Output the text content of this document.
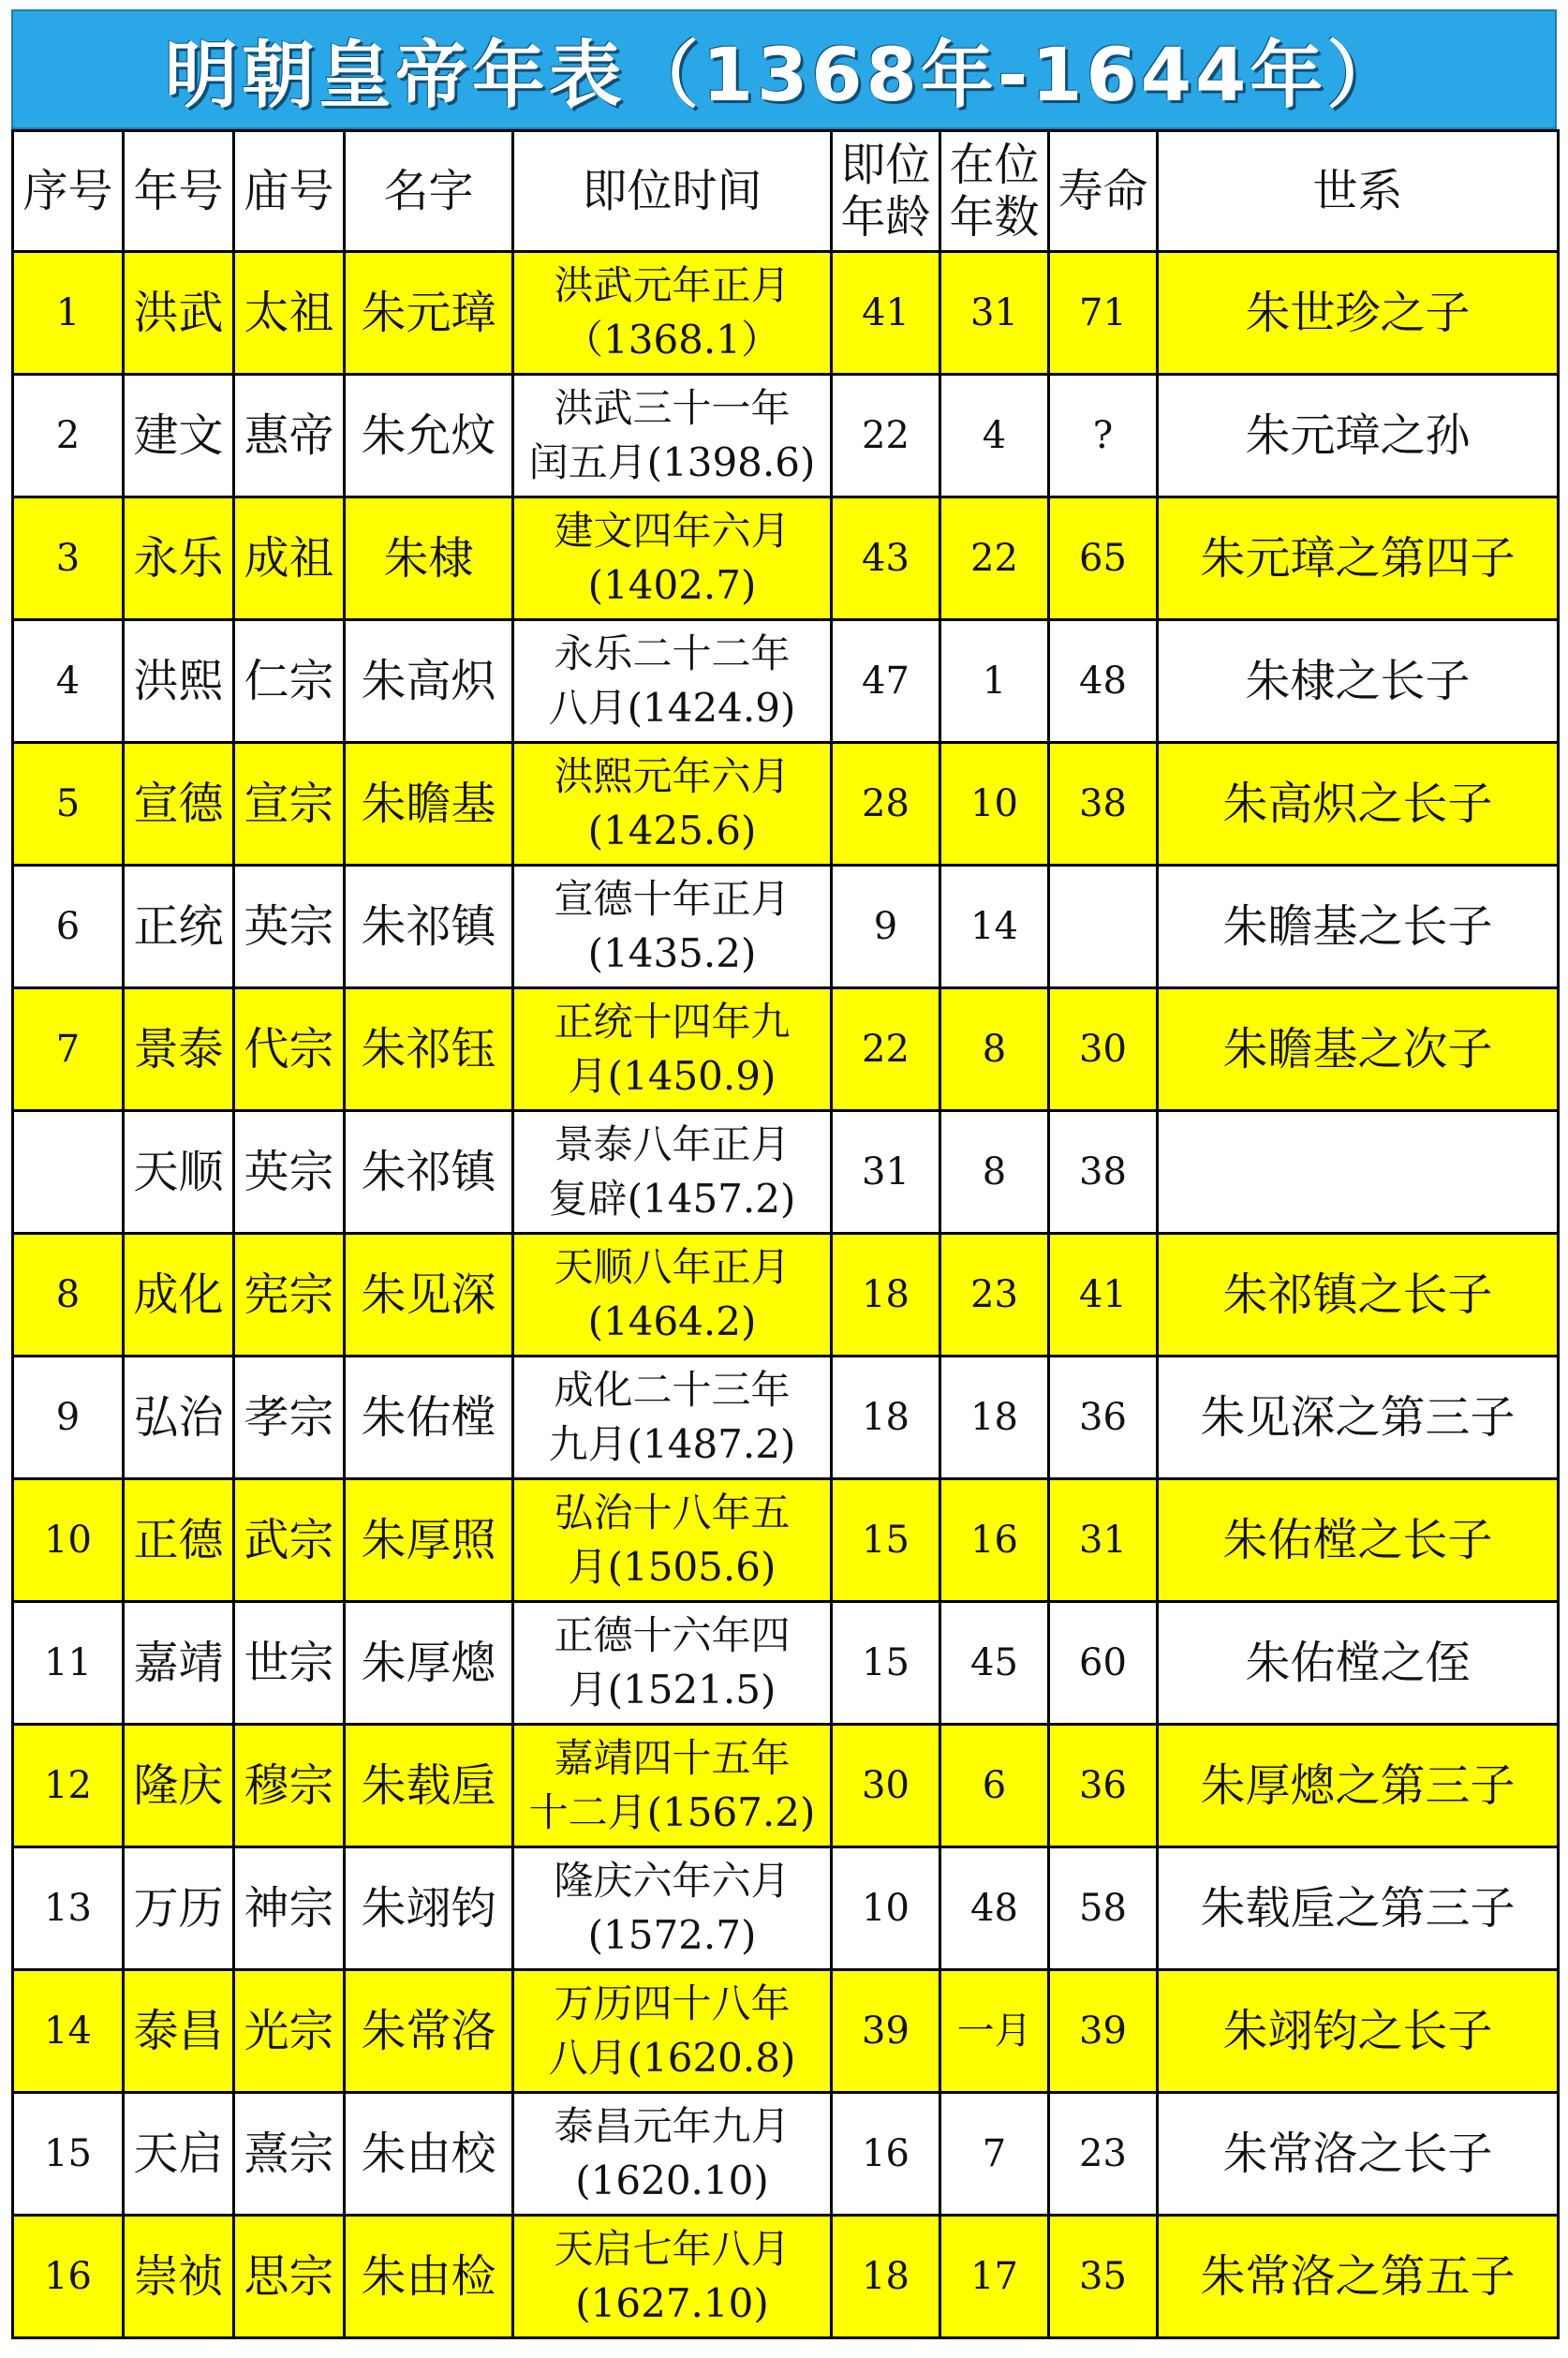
明朝皇帝年表（1368年-1644年）
序号	年号	庙号	名字	即位时间	即位年龄	在位年数	寿命	世系
1	洪武	太祖	朱元璋	洪武元年正月
（1368.1）	41	31	71	朱世珍之子
2	建文	惠帝	朱允炆	洪武三十一年
闰五月(1398.6)	22	4	?	朱元璋之孙
3	永乐	成祖	朱棣	建文四年六月
(1402.7)	43	22	65	朱元璋之第四子
4	洪熙	仁宗	朱高炽	永乐二十二年
八月(1424.9)	47	1	48	朱棣之长子
5	宣德	宣宗	朱瞻基	洪熙元年六月
(1425.6)	28	10	38	朱高炽之长子
6	正统	英宗	朱祁镇	宣德十年正月
(1435.2)	9	14		朱瞻基之长子
7	景泰	代宗	朱祁钰	正统十四年九
月(1450.9)	22	8	30	朱瞻基之次子
	天顺	英宗	朱祁镇	景泰八年正月
复辟(1457.2)	31	8	38	
8	成化	宪宗	朱见深	天顺八年正月
(1464.2)	18	23	41	朱祁镇之长子
9	弘治	孝宗	朱佑樘	成化二十三年
九月(1487.2)	18	18	36	朱见深之第三子
10	正德	武宗	朱厚照	弘治十八年五
月(1505.6)	15	16	31	朱佑樘之长子
11	嘉靖	世宗	朱厚熜	正德十六年四
月(1521.5)	15	45	60	朱佑樘之侄
12	隆庆	穆宗	朱载垕	嘉靖四十五年
十二月(1567.2)	30	6	36	朱厚熜之第三子
13	万历	神宗	朱翊钧	隆庆六年六月
(1572.7)	10	48	58	朱载垕之第三子
14	泰昌	光宗	朱常洛	万历四十八年
八月(1620.8)	39	一月	39	朱翊钧之长子
15	天启	熹宗	朱由校	泰昌元年九月
(1620.10)	16	7	23	朱常洛之长子
16	崇祯	思宗	朱由检	天启七年八月
(1627.10)	18	17	35	朱常洛之第五子
